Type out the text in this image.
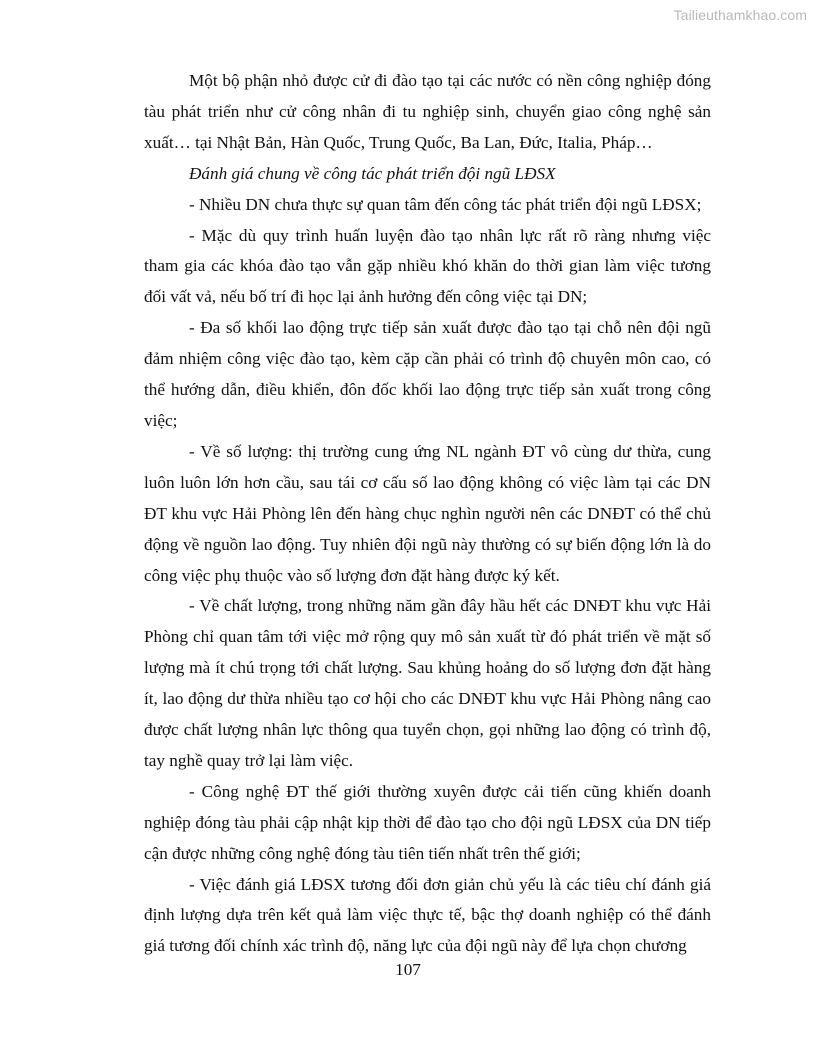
Tailieuthamkhao.com

Một bộ phận nhỏ được cử đi đào tạo tại các nước có nền công nghiệp đóng tàu phát triển như cử công nhân đi tu nghiệp sinh, chuyển giao công nghệ sản xuất… tại Nhật Bản, Hàn Quốc, Trung Quốc, Ba Lan, Đức, Italia, Pháp…

Đánh giá chung về công tác phát triển đội ngũ LĐSX

- Nhiều DN chưa thực sự quan tâm đến công tác phát triển đội ngũ LĐSX;

- Mặc dù quy trình huấn luyện đào tạo nhân lực rất rõ ràng nhưng việc tham gia các khóa đào tạo vẫn gặp nhiều khó khăn do thời gian làm việc tương đối vất vả, nếu bố trí đi học lại ảnh hưởng đến công việc tại DN;

- Đa số khối lao động trực tiếp sản xuất được đào tạo tại chỗ nên đội ngũ đảm nhiệm công việc đào tạo, kèm cặp cần phải có trình độ chuyên môn cao, có thể hướng dẫn, điều khiển, đôn đốc khối lao động trực tiếp sản xuất trong công việc;

- Về số lượng: thị trường cung ứng NL ngành ĐT vô cùng dư thừa, cung luôn luôn lớn hơn cầu, sau tái cơ cấu số lao động không có việc làm tại các DN ĐT khu vực Hải Phòng lên đến hàng chục nghìn người nên các DNĐT có thể chủ động về nguồn lao động. Tuy nhiên đội ngũ này thường có sự biến động lớn là do công việc phụ thuộc vào số lượng đơn đặt hàng được ký kết.

- Về chất lượng, trong những năm gần đây hầu hết các DNĐT khu vực Hải Phòng chỉ quan tâm tới việc mở rộng quy mô sản xuất từ đó phát triển về mặt số lượng mà ít chú trọng tới chất lượng. Sau khủng hoảng do số lượng đơn đặt hàng ít, lao động dư thừa nhiều tạo cơ hội cho các DNĐT khu vực Hải Phòng nâng cao được chất lượng nhân lực thông qua tuyển chọn, gọi những lao động có trình độ, tay nghề quay trở lại làm việc.

- Công nghệ ĐT thế giới thường xuyên được cải tiến cũng khiến doanh nghiệp đóng tàu phải cập nhật kịp thời để đào tạo cho đội ngũ LĐSX của DN tiếp cận được những công nghệ đóng tàu tiên tiến nhất trên thế giới;

- Việc đánh giá LĐSX tương đối đơn giản chủ yếu là các tiêu chí đánh giá định lượng dựa trên kết quả làm việc thực tế, bậc thợ doanh nghiệp có thể đánh giá tương đối chính xác trình độ, năng lực của đội ngũ này để lựa chọn chương

107
